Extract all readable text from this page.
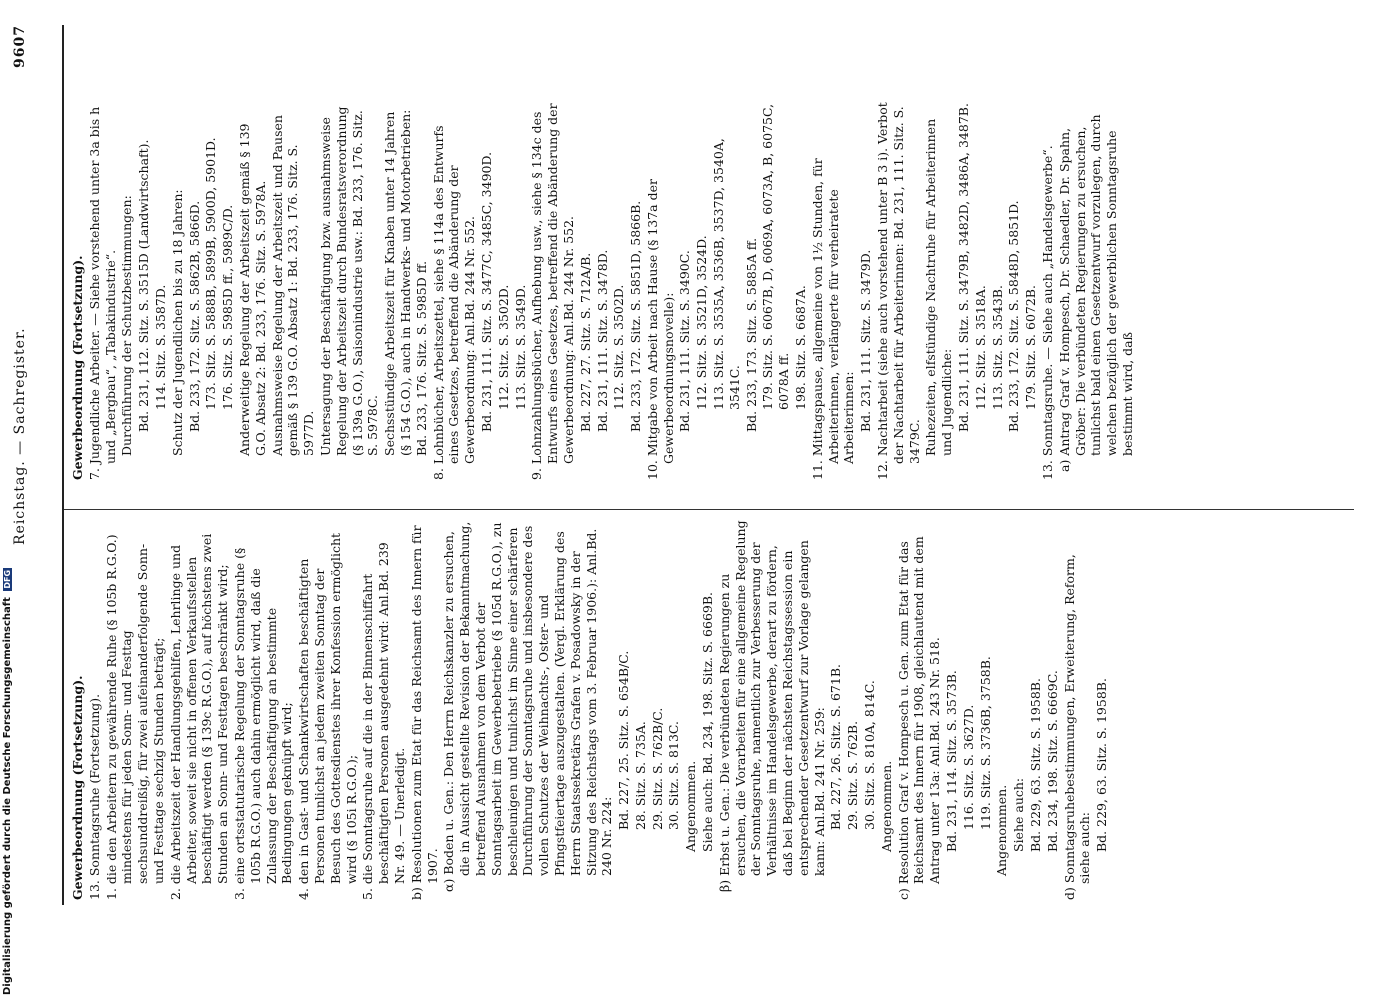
Reichstag. — Sachregister.
9607
Gewerbeordnung (Fortsetzung). 13. Sonntagsruhe (Fortsetzung). 1. die den Arbeitern zu gewährende Ruhe (§ 105b R.G.O.) mindestens für jeden Sonn- und Festtag sechsunddreißig, für zwei aufeinanderfolgende Sonn- und Festtage sechzig Stunden beträgt; 2. die Arbeitszeit der Handlungsgehilfen, Lehrlinge und Arbeiter, soweit sie nicht in offenen Verkaufsstellen beschäftigt werden (§ 139c R.G.O.), auf höchstens zwei Stunden an Sonn- und Festtagen beschränkt wird; 3. eine ortsstatutarische Regelung der Sonntagsruhe (§ 105b R.G.O.) auch dahin ermöglicht wird, daß die Zulassung der Beschäftigung an bestimmte Bedingungen geknüpft wird; 4. den in Gast- und Schankwirtschaften beschäftigten Personen tunlichst an jedem zweiten Sonntag der Besuch des Gottesdienstes ihrer Konfession ermöglicht wird (§ 105i R.G.O.); 5. die Sonntagsruhe auf die in der Binnenschiffahrt beschäftigten Personen ausgedehnt wird: Anl.Bd. 239 Nr. 49. — Unerledigt. b) Resolutionen zum Etat für das Reichsamt des Innern für 1907. α) Boden u. Gen.: Den Herrn Reichskanzler zu ersuchen, die in Aussicht gestellte Revision der Bekanntmachung, betreffend Ausnahmen von dem Verbot der Sonntagsarbeit im Gewerbebetriebe (§ 105d R.G.O.), zu beschleunigen und tunlichst im Sinne einer schärferen Durchführung der Sonntagsruhe und insbesondere des vollen Schutzes der Weihnachts-, Oster- und Pfingstfeiertage auszugestalten. (Vergl. Erklärung des Herrn Staatssekretärs Grafen v. Posadowsky in der Sitzung des Reichstags vom 3. Februar 1906.): Anl.Bd. 240 Nr. 224:
Bd. 227, 25. Sitz. S. 654B/C. 28. Sitz. S. 735A. 29. Sitz. S. 762B/C. 30. Sitz. S. 813C. Angenommen. Siehe auch: Bd. 234, 198. Sitz. S. 6669B. β) Erbst u. Gen.: Die verbündeten Regierungen zu ersuchen, die Vorarbeiten für eine allgemeine Regelung der Sonntagsruhe, namentlich zur Verbesserung der Verhältnisse im Handelsgewerbe, derart zu fördern, daß bei Beginn der nächsten Reichstagssession ein entsprechender Gesetzentwurf zur Vorlage gelangen kann: Anl.Bd. 241 Nr. 259: Bd. 227, 26. Sitz. S. 671B. 29. Sitz. S. 762B. 30. Sitz. S. 810A, 814C. Angenommen. c) Resolution Graf v. Hompesch u. Gen. zum Etat für das Reichsamt des Innern für 1908, gleichlautend mit dem Antrag unter 13a: Anl.Bd. 243 Nr. 518. Bd. 231, 114. Sitz. S. 3573B. 116. Sitz. S. 3627D. 119. Sitz. S. 3736B, 3758B.
Angenommen. Siehe auch: Bd. 229, 63. Sitz. S. 1958B. Bd. 234, 198. Sitz. S. 6669C. d) Sonntagsruhebestimmungen, Erweiterung, Reform, siehe auch: Bd. 229, 63. Sitz. S. 1958B.
Gewerbeordnung (Fortsetzung). 7. Jugendliche Arbeiter. — Siehe vorstehend unter 3a bis h und „Bergbau“, „Tabakindustrie“. Durchführung der Schutzbestimmungen: Bd. 231, 112. Sitz. S. 3515D (Landwirtschaft). 114. Sitz. S. 3587D. Schutz der Jugendlichen bis zu 18 Jahren: Bd. 233, 172. Sitz. S. 5862B, 5866D. 173. Sitz. S. 5888B, 5899B, 5900D, 5901D. 176. Sitz. S. 5985D ff., 5989C/D. Anderweitige Regelung der Arbeitszeit gemäß § 139 G.O. Absatz 2: Bd. 233, 176. Sitz. S. 5978A. Ausnahmsweise Regelung der Arbeitszeit und Pausen gemäß § 139 G.O. Absatz 1: Bd. 233, 176. Sitz. S. 5977D. Untersagung der Beschäftigung bzw. ausnahmsweise Regelung der Arbeitszeit durch Bundesratsverordnung (§ 139a G.O.), Saisonindustrie usw.: Bd. 233, 176. Sitz. S. 5978C. Sechsstündige Arbeitszeit für Knaben unter 14 Jahren (§ 154 G.O.), auch in Handwerks- und Motorbetrieben: Bd. 233, 176. Sitz. S. 5985D ff. 8. Lohnbücher, Arbeitszettel, siehe § 114a des Entwurfs eines Gesetzes, betreffend die Abänderung der Gewerbeordnung: Anl.Bd. 244 Nr. 552. Bd. 231, 111. Sitz. S. 3477C, 3485C, 3490D. 112. Sitz. S. 3502D. 113. Sitz. S. 3549D. 9. Lohnzahlungsbücher, Aufhebung usw., siehe § 134c des Entwurfs eines Gesetzes, betreffend die Abänderung der Gewerbeordnung: Anl.Bd. 244 Nr. 552. Bd. 227, 27. Sitz. S. 712A/B. Bd. 231, 111. Sitz. S. 3478D. 112. Sitz. S. 3502D. Bd. 233, 172. Sitz. S. 5851D, 5866B. 10. Mitgabe von Arbeit nach Hause (§ 137a der Gewerbeordnungsnovelle): Bd. 231, 111. Sitz. S. 3490C. 112. Sitz. S. 3521D, 3524D. 113. Sitz. S. 3535A, 3536B, 3537D, 3540A, 3541C. Bd. 233, 173. Sitz. S. 5885A ff. 179. Sitz. S. 6067B, D, 6069A, 6073A, B, 6075C, 6078A ff. 198. Sitz. S. 6687A. 11. Mittagspause, allgemeine von 1½ Stunden, für Arbeiterinnen, verlängerte für verheiratete Arbeiterinnen: Bd. 231, 111. Sitz. S. 3479D. 12. Nachtarbeit (siehe auch vorstehend unter B 3 i). Verbot der Nachtarbeit für Arbeiterinnen: Bd. 231, 111. Sitz. S. 3479C. Ruhezeiten, elfstündige Nachtruhe für Arbeiterinnen und Jugendliche: Bd. 231, 111. Sitz. S. 3479B, 3482D, 3486A, 3487B. 112. Sitz. S. 3518A. 113. Sitz. S. 3543B. Bd. 233, 172. Sitz. S. 5848D, 5851D. 179. Sitz. S. 6072B. 13. Sonntagsruhe. — Siehe auch „Handelsgewerbe“. a) Antrag Graf v. Hompesch, Dr. Schaedler, Dr. Spahn, Gröber: Die verbündeten Regierungen zu ersuchen, tunlichst bald einen Gesetzentwurf vorzulegen, durch welchen bezüglich der gewerblichen Sonntagsruhe bestimmt wird, daß
Digitalisierung gefördert durch die Deutsche Forschungsgemeinschaft DFG
